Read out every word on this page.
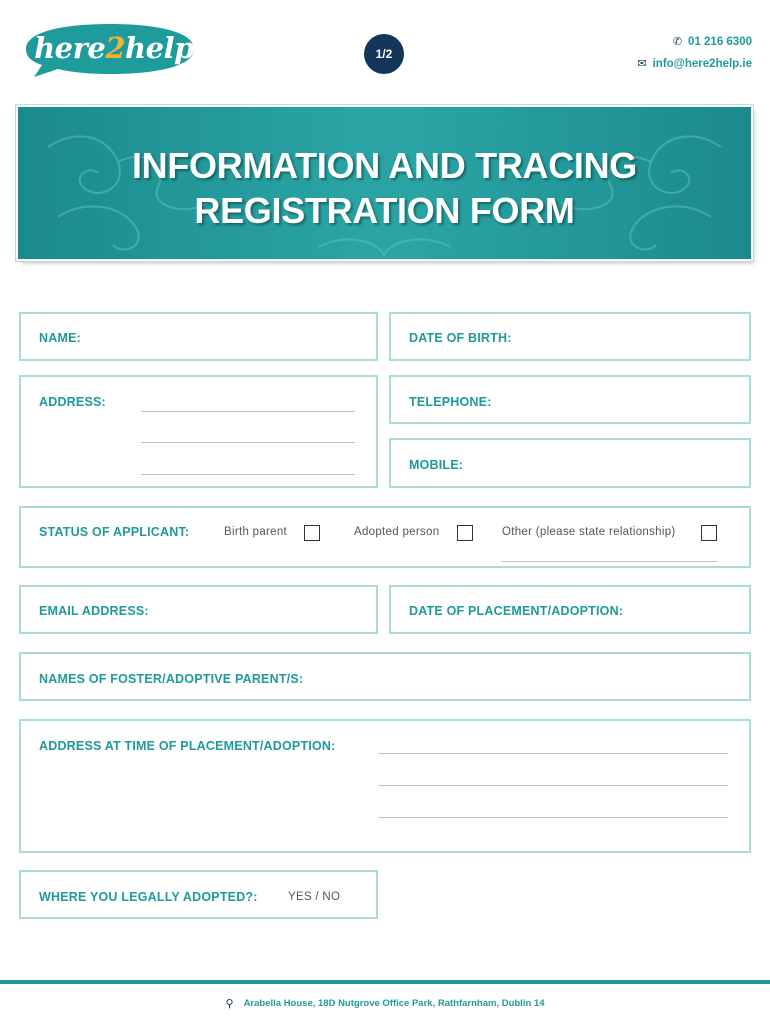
here2help	1/2
✆ 01 216 6300
✉ info@here2help.ie
INFORMATION AND TRACING
REGISTRATION FORM
NAME:	DATE OF BIRTH:
ADDRESS:	TELEPHONE:
MOBILE:
STATUS OF APPLICANT:	Birth parent	Adopted person	Other (please state relationship)
EMAIL ADDRESS:	DATE OF PLACEMENT/ADOPTION:
NAMES OF FOSTER/ADOPTIVE PARENT/S:
ADDRESS AT TIME OF PLACEMENT/ADOPTION:
WHERE YOU LEGALLY ADOPTED?:	YES / NO
⚲ Arabella House, 18D Nutgrove Office Park, Rathfarnham, Dublin 14
